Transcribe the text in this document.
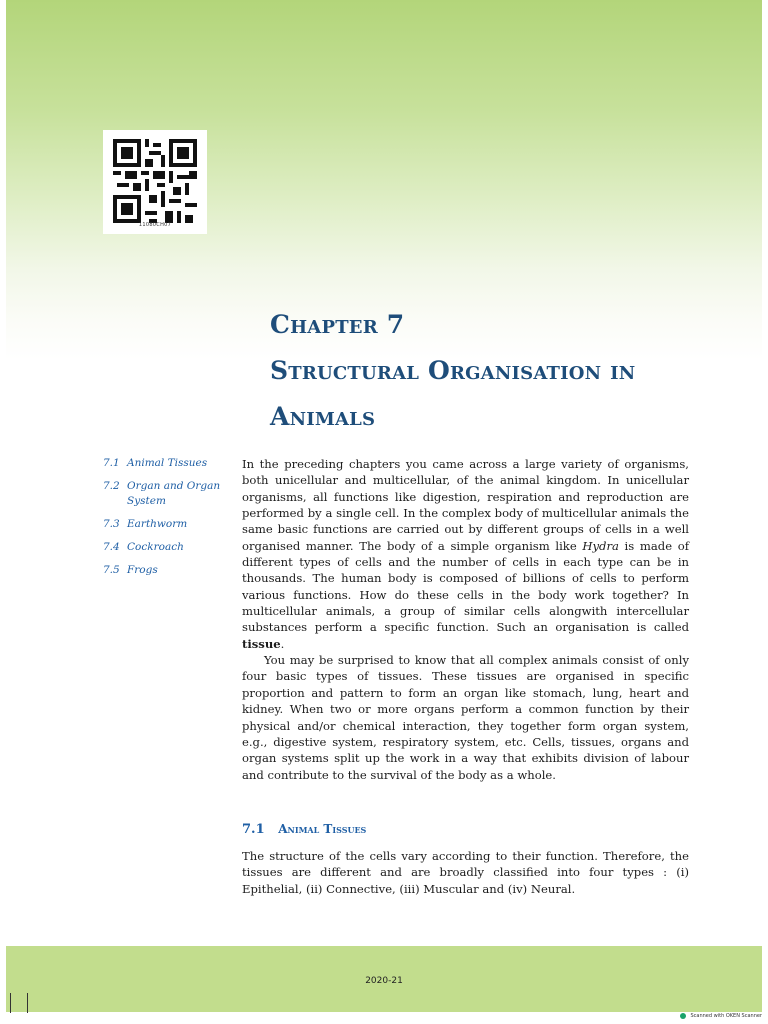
11080CH07
Chapter 7
Structural Organisation in
Animals
7.1 Animal Tissues
7.2 Organ and Organ System
7.3 Earthworm
7.4 Cockroach
7.5 Frogs

In the preceding chapters you came across a large variety of organisms, both unicellular and multicellular, of the animal kingdom. In unicellular organisms, all functions like digestion, respiration and reproduction are performed by a single cell. In the complex body of multicellular animals the same basic functions are carried out by different groups of cells in a well organised manner. The body of a simple organism like Hydra is made of different types of cells and the number of cells in each type can be in thousands. The human body is composed of billions of cells to perform various functions. How do these cells in the body work together? In multicellular animals, a group of similar cells alongwith intercellular substances perform a specific function. Such an organisation is called tissue.

You may be surprised to know that all complex animals consist of only four basic types of tissues. These tissues are organised in specific proportion and pattern to form an organ like stomach, lung, heart and kidney. When two or more organs perform a common function by their physical and/or chemical interaction, they together form organ system, e.g., digestive system, respiratory system, etc. Cells, tissues, organs and organ systems split up the work in a way that exhibits division of labour and contribute to the survival of the body as a whole.

7.1 Animal Tissues

The structure of the cells vary according to their function. Therefore, the tissues are different and are broadly classified into four types : (i) Epithelial, (ii) Connective, (iii) Muscular and (iv) Neural.

2020-21
Scanned with OKEN Scanner
